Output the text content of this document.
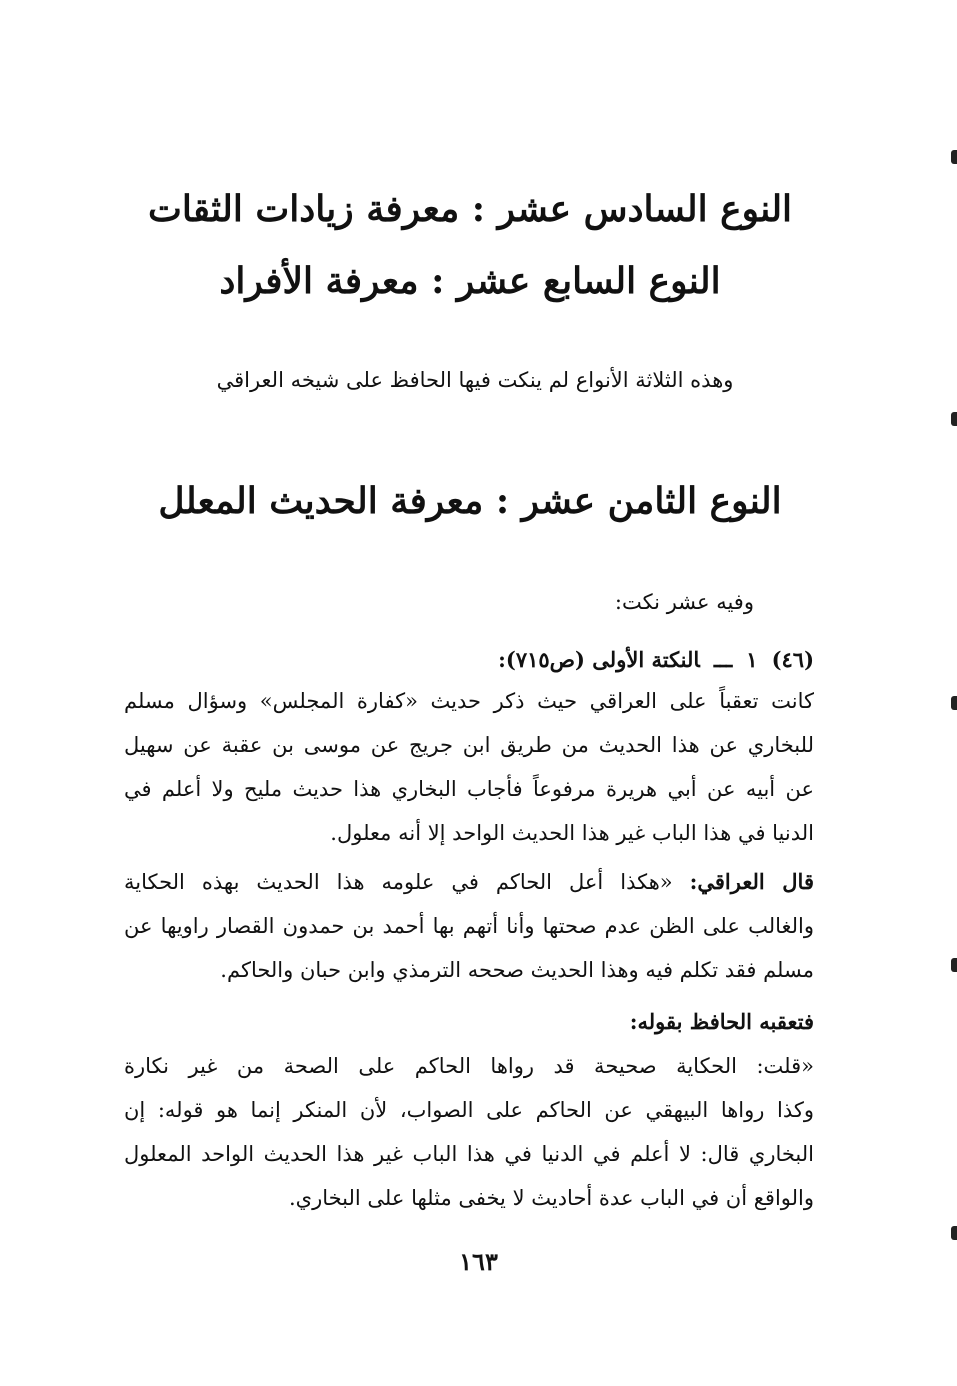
النوع السادس عشر : معرفة زيادات الثقات
النوع السابع عشر : معرفة الأفراد
وهذه الثلاثة الأنواع لم ينكت فيها الحافظ على شيخه العراقي
النوع الثامن عشر : معرفة الحديث المعلل
وفيه عشر نكت:
(٤٦)١ـــالنكتة الأولى (ص٧١٥):
كانت تعقباً على العراقي حيث ذكر حديث «كفارة المجلس» وسؤال مسلم
للبخاري عن هذا الحديث من طريق ابن جريج عن موسى بن عقبة عن سهيل
عن أبيه عن أبي هريرة مرفوعاً فأجاب البخاري هذا حديث مليح ولا أعلم في
الدنيا في هذا الباب غير هذا الحديث الواحد إلا أنه معلول.
قال العراقي: «هكذا أعل الحاكم في علومه هذا الحديث بهذه الحكاية
والغالب على الظن عدم صحتها وأنا أتهم بها أحمد بن حمدون القصار راويها عن
مسلم فقد تكلم فيه وهذا الحديث صححه الترمذي وابن حبان والحاكم.
فتعقبه الحافظ بقوله:
«قلت: الحكاية صحيحة قد رواها الحاكم على الصحة من غير نكارة
وكذا رواها البيهقي عن الحاكم على الصواب، لأن المنكر إنما هو قوله: إن
البخاري قال: لا أعلم في الدنيا في هذا الباب غير هذا الحديث الواحد المعلول
والواقع أن في الباب عدة أحاديث لا يخفى مثلها على البخاري.
١٦٣
